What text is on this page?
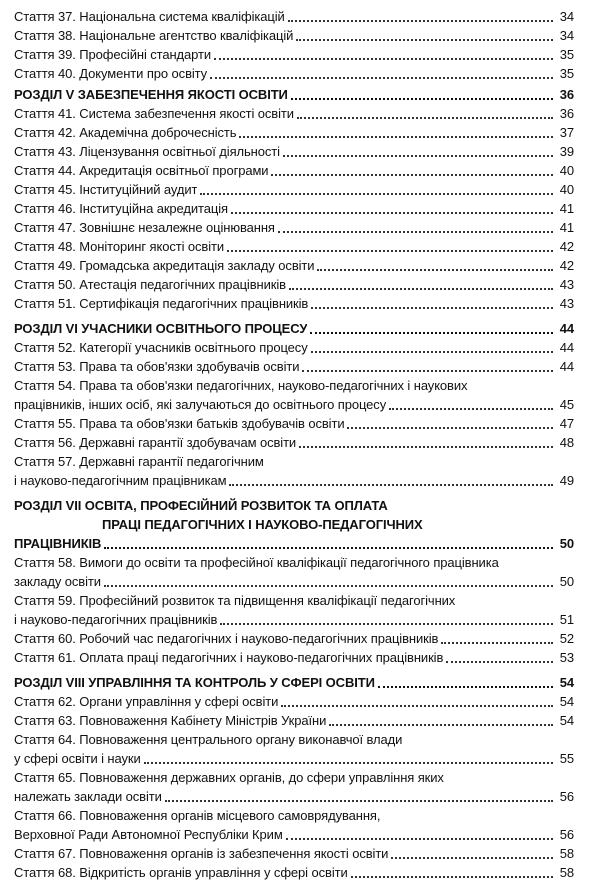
Стаття 37. Національна система кваліфікацій	34
Стаття 38. Національне агентство кваліфікацій	34
Стаття 39. Професійні стандарти	35
Стаття 40. Документи про освіту	35
РОЗДІЛ V ЗАБЕЗПЕЧЕННЯ ЯКОСТІ ОСВІТИ	36
Стаття 41. Система забезпечення якості освіти	36
Стаття 42. Академічна доброчесність	37
Стаття 43. Ліцензування освітньої діяльності	39
Стаття 44. Акредитація освітньої програми	40
Стаття 45. Інституційний аудит	40
Стаття 46. Інституційна акредитація	41
Стаття 47. Зовнішнє незалежне оцінювання	41
Стаття 48. Моніторинг якості освіти	42
Стаття 49. Громадська акредитація закладу освіти	42
Стаття 50. Атестація педагогічних працівників	43
Стаття 51. Сертифікація педагогічних працівників	43
РОЗДІЛ VI УЧАСНИКИ ОСВІТНЬОГО ПРОЦЕСУ	44
Стаття 52. Категорії учасників освітнього процесу	44
Стаття 53. Права та обов'язки здобувачів освіти	44
Стаття 54. Права та обов'язки педагогічних, науково-педагогічних і наукових
працівників, інших осіб, які залучаються до освітнього процесу	45
Стаття 55. Права та обов'язки батьків здобувачів освіти	47
Стаття 56. Державні гарантії здобувачам освіти	48
Стаття 57. Державні гарантії педагогічним
і науково-педагогічним працівникам	49
РОЗДІЛ VII ОСВІТА, ПРОФЕСІЙНИЙ РОЗВИТОК ТА ОПЛАТА
ПРАЦІ ПЕДАГОГІЧНИХ І НАУКОВО-ПЕДАГОГІЧНИХ
ПРАЦІВНИКІВ	50
Стаття 58. Вимоги до освіти та професійної кваліфікації педагогічного працівника
закладу освіти	50
Стаття 59. Професійний розвиток та підвищення кваліфікації педагогічних
і науково-педагогічних працівників	51
Стаття 60. Робочий час педагогічних і науково-педагогічних працівників	52
Стаття 61. Оплата праці педагогічних і науково-педагогічних працівників	53
РОЗДІЛ VIII УПРАВЛІННЯ ТА КОНТРОЛЬ У СФЕРІ ОСВІТИ	54
Стаття 62. Органи управління у сфері освіти	54
Стаття 63. Повноваження Кабінету Міністрів України	54
Стаття 64. Повноваження центрального органу виконавчої влади
у сфері освіти і науки	55
Стаття 65. Повноваження державних органів, до сфери управління яких
належать заклади освіти	56
Стаття 66. Повноваження органів місцевого самоврядування,
Верховної Ради Автономної Республіки Крим	56
Стаття 67. Повноваження органів із забезпечення якості освіти	58
Стаття 68. Відкритість органів управління у сфері освіти	58
